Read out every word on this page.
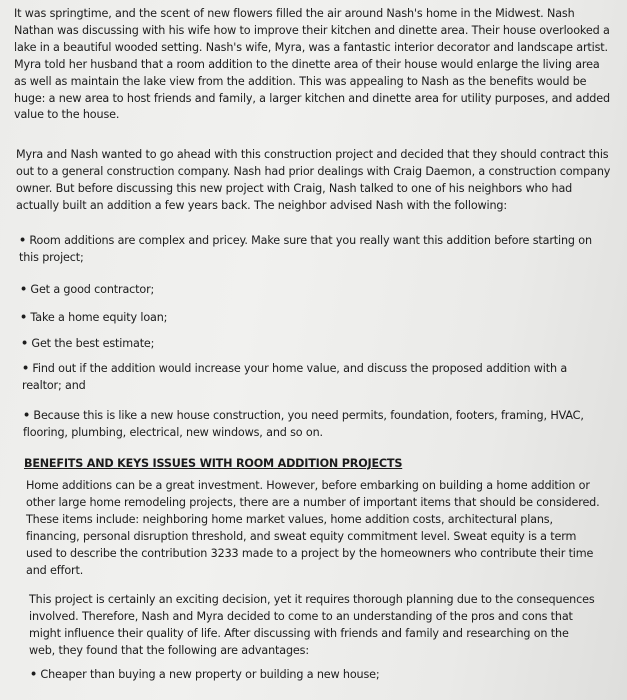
It was springtime, and the scent of new flowers filled the air around Nash's home in the Midwest. Nash Nathan was discussing with his wife how to improve their kitchen and dinette area. Their house overlooked a lake in a beautiful wooded setting. Nash's wife, Myra, was a fantastic interior decorator and landscape artist. Myra told her husband that a room addition to the dinette area of their house would enlarge the living area as well as maintain the lake view from the addition. This was appealing to Nash as the benefits would be huge: a new area to host friends and family, a larger kitchen and dinette area for utility purposes, and added value to the house.

Myra and Nash wanted to go ahead with this construction project and decided that they should contract this out to a general construction company. Nash had prior dealings with Craig Daemon, a construction company owner. But before discussing this new project with Craig, Nash talked to one of his neighbors who had actually built an addition a few years back. The neighbor advised Nash with the following:

• Room additions are complex and pricey. Make sure that you really want this addition before starting on this project;

• Get a good contractor;

• Take a home equity loan;

• Get the best estimate;

• Find out if the addition would increase your home value, and discuss the proposed addition with a realtor; and

• Because this is like a new house construction, you need permits, foundation, footers, framing, HVAC, flooring, plumbing, electrical, new windows, and so on.

BENEFITS AND KEYS ISSUES WITH ROOM ADDITION PROJECTS

Home additions can be a great investment. However, before embarking on building a home addition or other large home remodeling projects, there are a number of important items that should be considered. These items include: neighboring home market values, home addition costs, architectural plans, financing, personal disruption threshold, and sweat equity commitment level. Sweat equity is a term used to describe the contribution 3233 made to a project by the homeowners who contribute their time and effort.

This project is certainly an exciting decision, yet it requires thorough planning due to the consequences involved. Therefore, Nash and Myra decided to come to an understanding of the pros and cons that might influence their quality of life. After discussing with friends and family and researching on the web, they found that the following are advantages:

• Cheaper than buying a new property or building a new house;
